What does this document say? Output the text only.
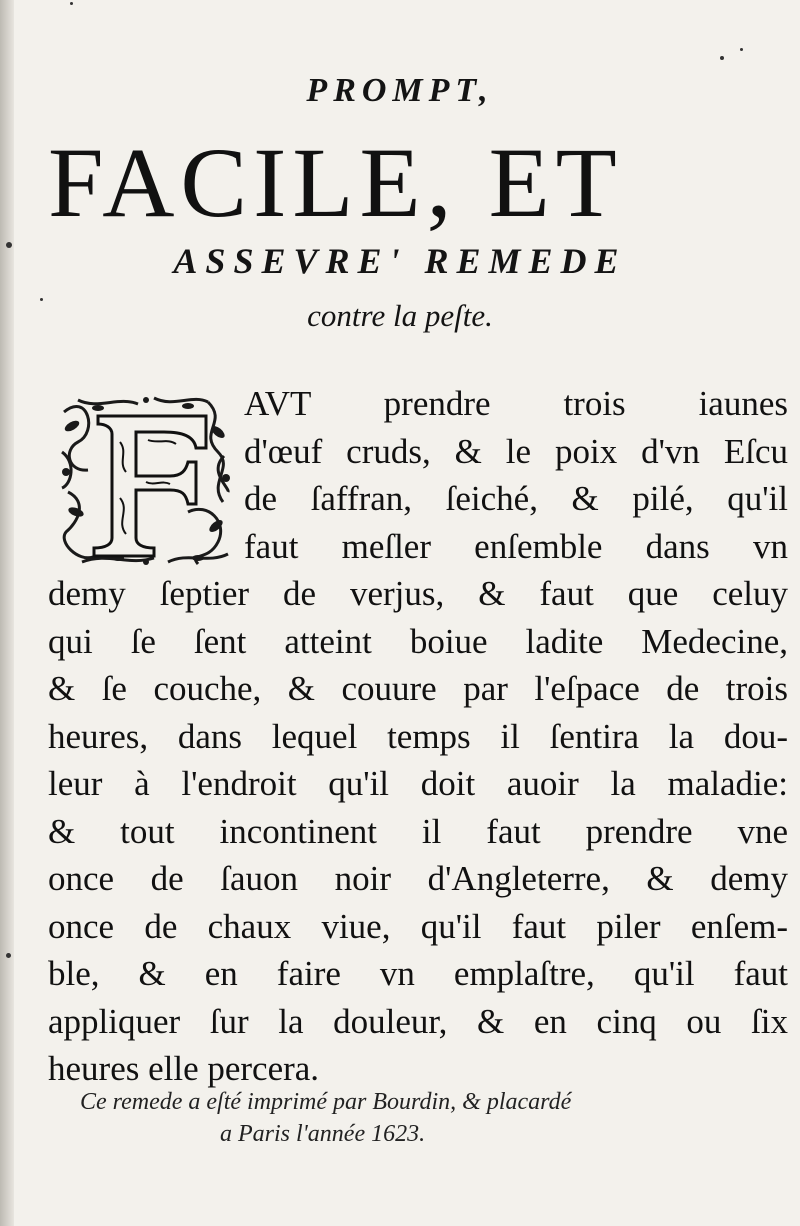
PROMPT,
FACILE, ET
ASSEVRE' REMEDE
contre la peſte.
AVT prendre trois iaunes
d'œuf cruds, & le poix d'vn Eſcu
de ſaffran, ſeiché, & pilé, qu'il
faut meſler enſemble dans vn
demy ſeptier de verjus, & faut que celuy
qui ſe ſent atteint boiue ladite Medecine,
& ſe couche, & couure par l'eſpace de trois
heures, dans lequel temps il ſentira la dou-
leur à l'endroit qu'il doit auoir la maladie:
& tout incontinent il faut prendre vne
once de ſauon noir d'Angleterre, & demy
once de chaux viue, qu'il faut piler enſem-
ble, & en faire vn emplaſtre, qu'il faut
appliquer ſur la douleur, & en cinq ou ſix
heures elle percera.
Ce remede a eſté imprimé par Bourdin, & placardé
a Paris l'année 1623.
